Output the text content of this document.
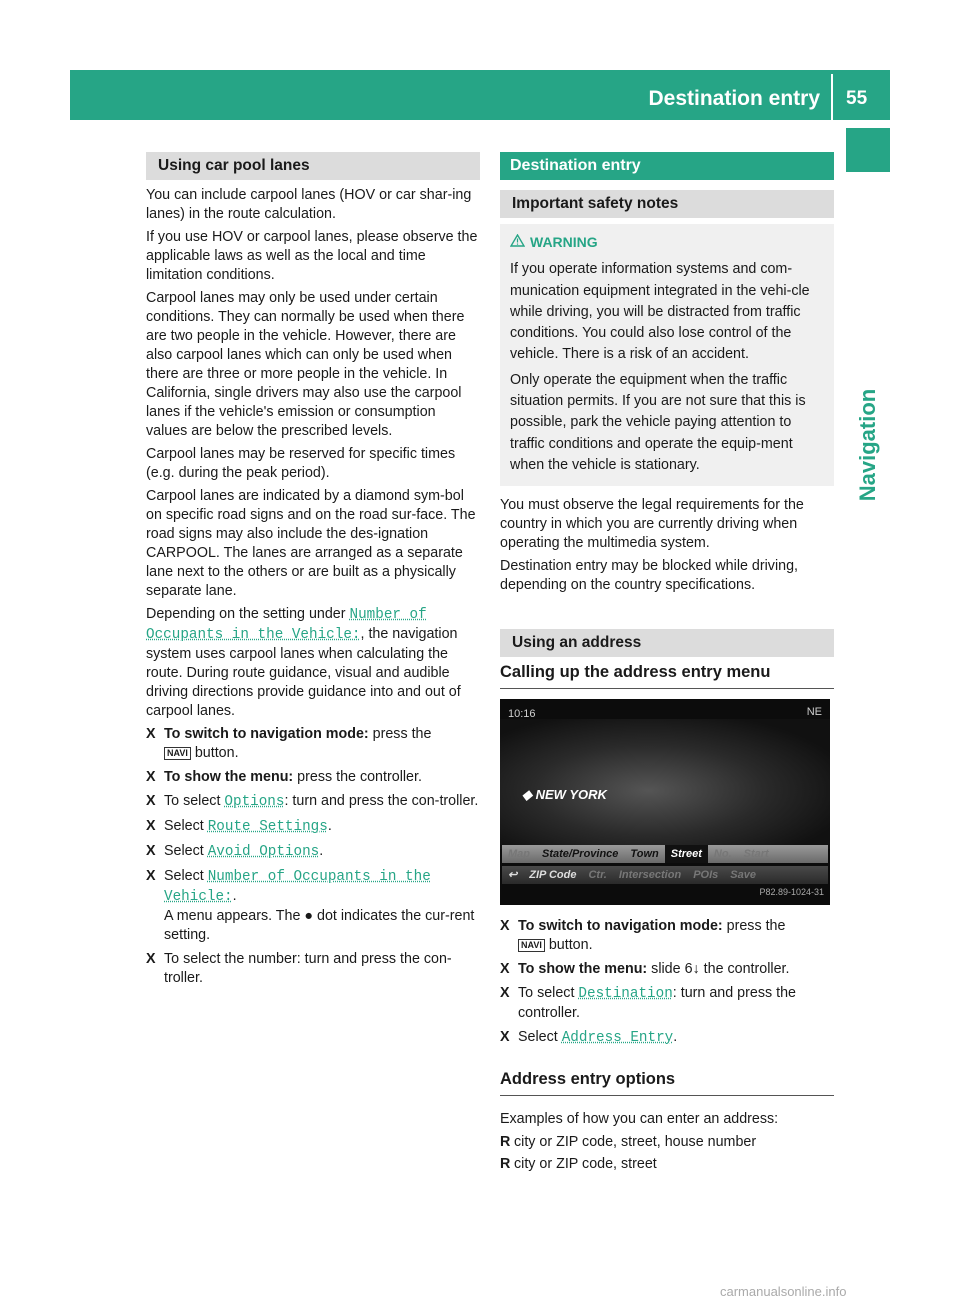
Destination entry 55
Navigation
Using car pool lanes

You can include carpool lanes (HOV or car shar-ing lanes) in the route calculation.

If you use HOV or carpool lanes, please observe the applicable laws as well as the local and time limitation conditions.

Carpool lanes may only be used under certain conditions. They can normally be used when there are two people in the vehicle. However, there are also carpool lanes which can only be used when there are three or more people in the vehicle. In California, single drivers may also use the carpool lanes if the vehicle's emission or consumption values are below the prescribed levels.

Carpool lanes may be reserved for specific times (e.g. during the peak period).

Carpool lanes are indicated by a diamond sym-bol on specific road signs and on the road sur-face. The road signs may also include the des-ignation CARPOOL. The lanes are arranged as a separate lane next to the others or are built as a physically separate lane.

Depending on the setting under Number of Occupants in the Vehicle:, the navigation system uses carpool lanes when calculating the route. During route guidance, visual and audible driving directions provide guidance into and out of carpool lanes.

X To switch to navigation mode: press the
NAVI button.
X To show the menu: press the controller.
X To select Options: turn and press the con-troller.
X Select Route Settings.
X Select Avoid Options.
X Select Number of Occupants in the Vehicle:.
A menu appears. The ● dot indicates the cur-rent setting.
X To select the number: turn and press the con-troller.
Destination entry
Important safety notes
WARNING

If you operate information systems and com-munication equipment integrated in the vehi-cle while driving, you will be distracted from traffic conditions. You could also lose control of the vehicle. There is a risk of an accident.

Only operate the equipment when the traffic situation permits. If you are not sure that this is possible, park the vehicle paying attention to traffic conditions and operate the equip-ment when the vehicle is stationary.

You must observe the legal requirements for the country in which you are currently driving when operating the multimedia system.

Destination entry may be blocked while driving, depending on the country specifications.

Using an address
Calling up the address entry menu
10:16	NE
◆ NEW YORK
Map State/Province Town Street No. Start
↩ ZIP Code Ctr. Intersection POIs Save
P82.89-1024-31
X To switch to navigation mode: press the
NAVI button.
X To show the menu: slide 6↓ the controller.
X To select Destination: turn and press the controller.
X Select Address Entry.
Address entry options

Examples of how you can enter an address:

R city or ZIP code, street, house number
R city or ZIP code, street
carmanualsonline.info
